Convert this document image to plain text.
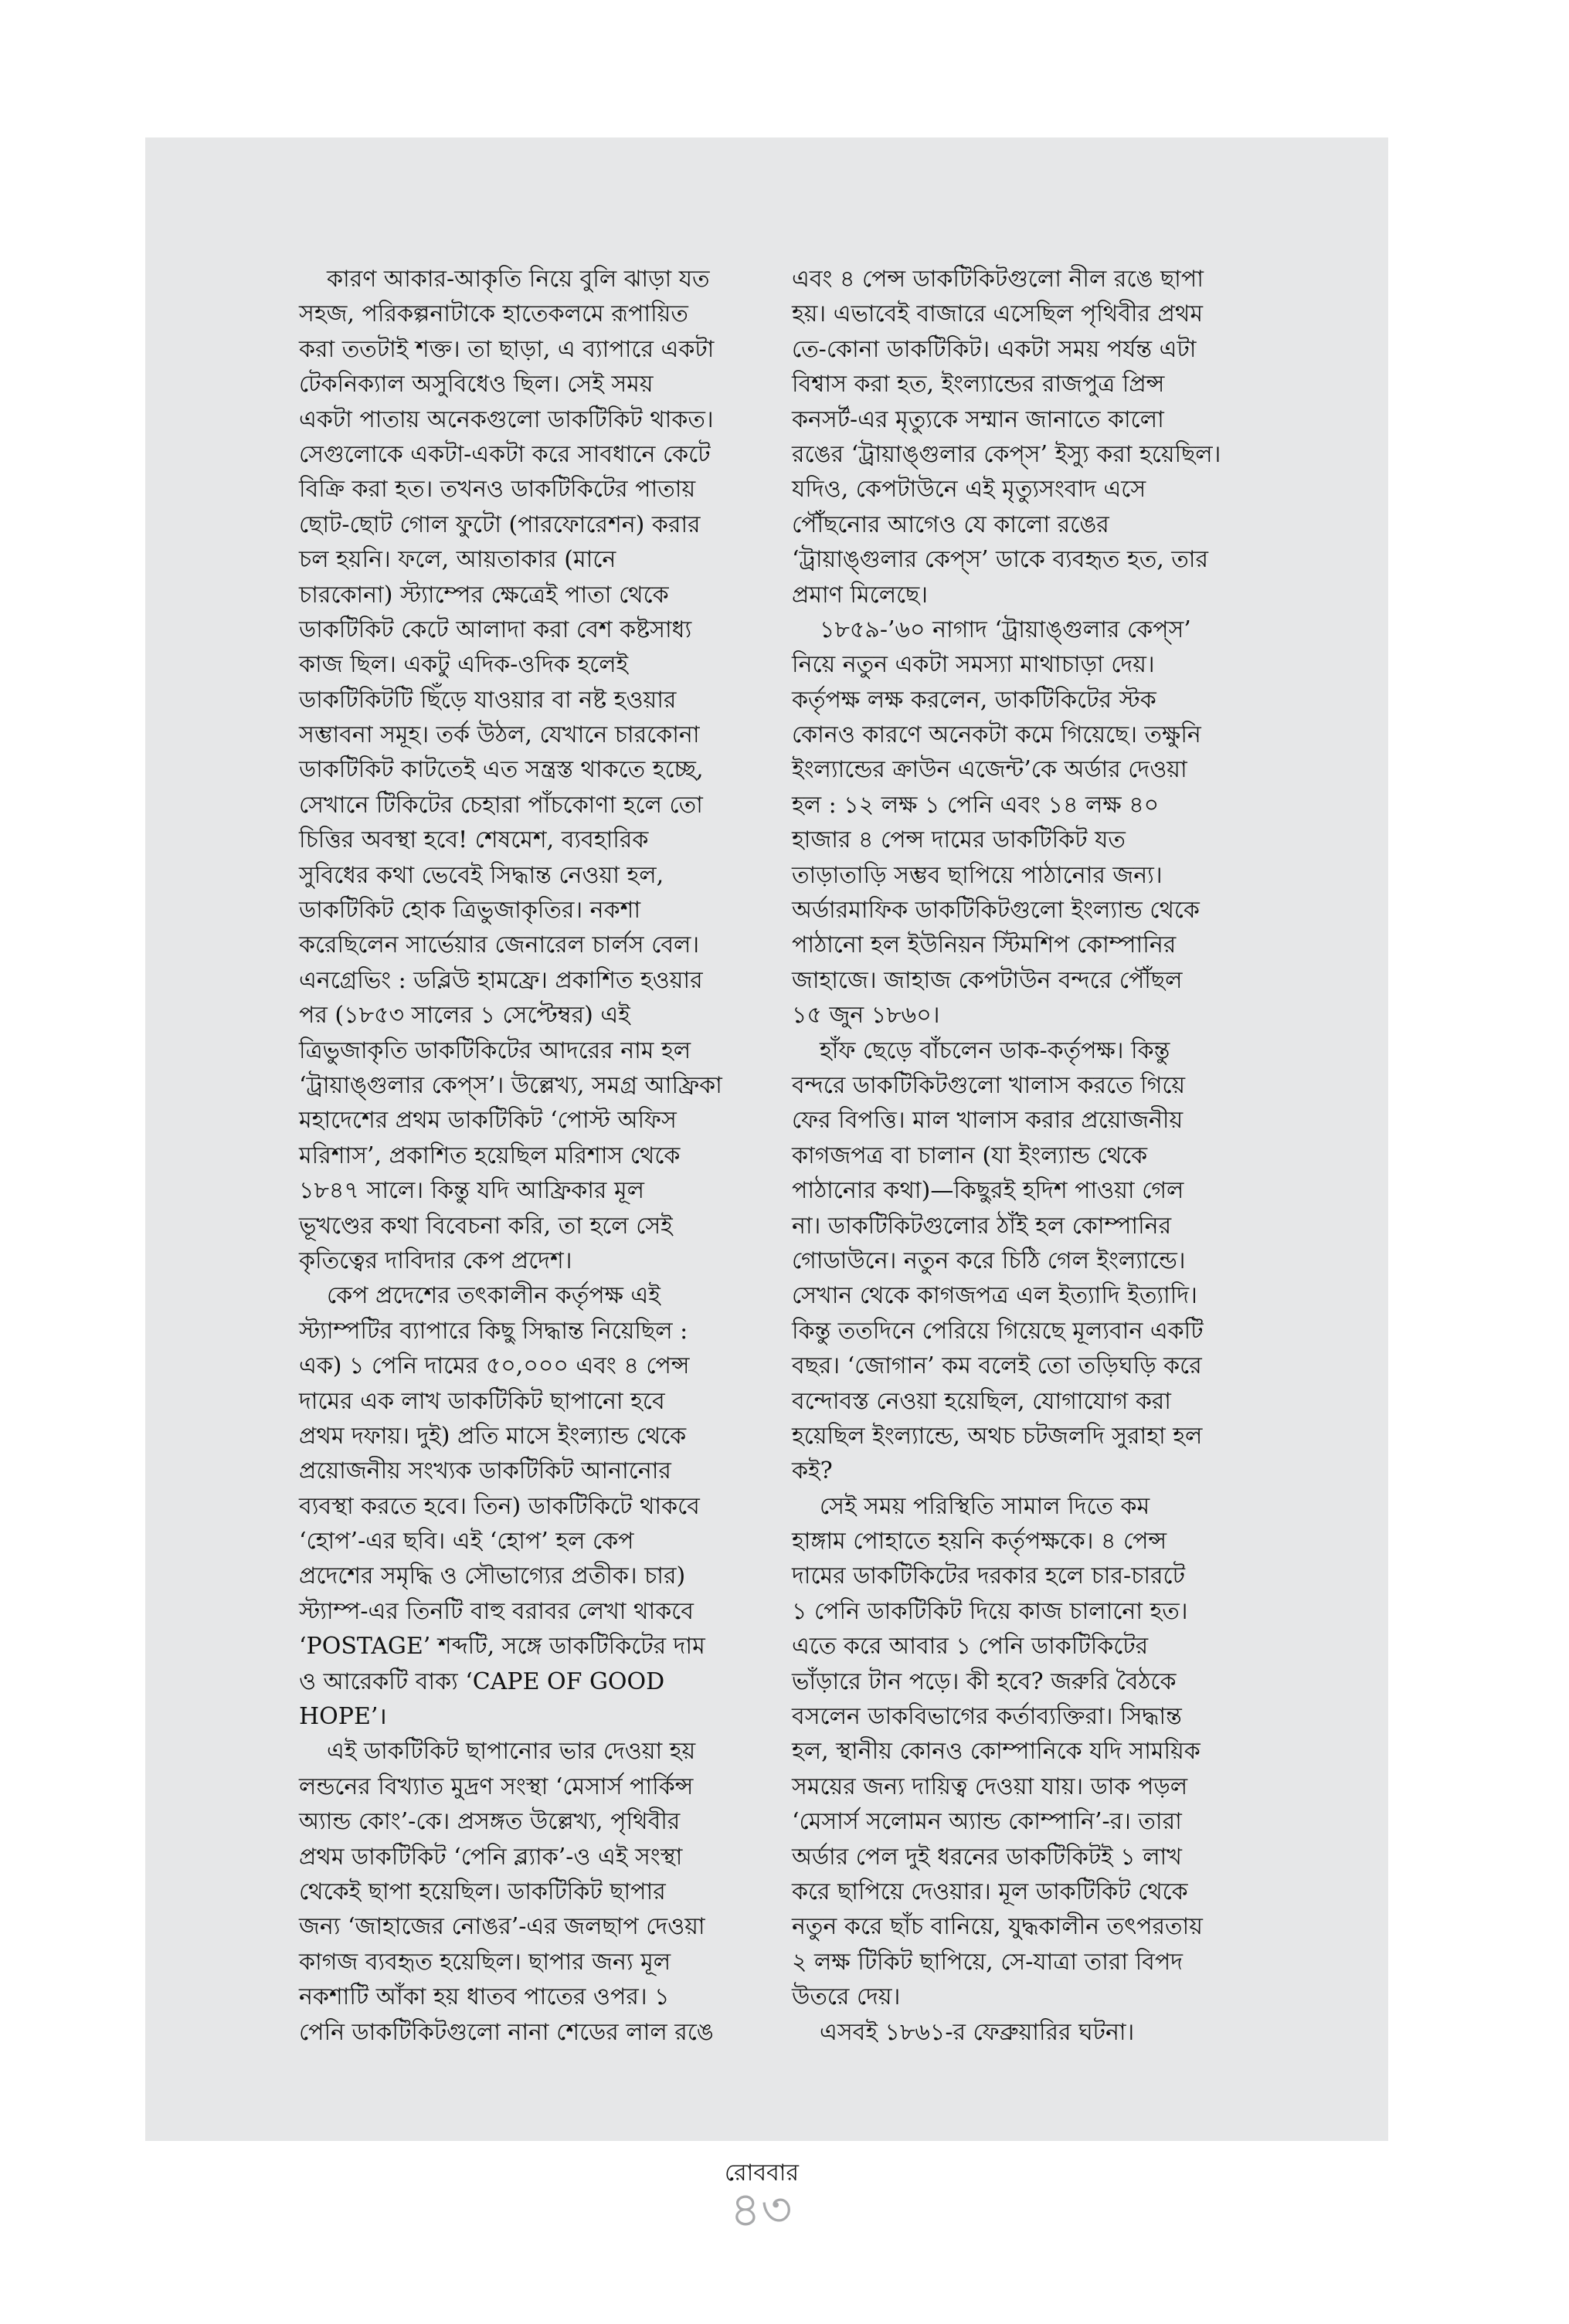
কারণ আকার-আকৃতি নিয়ে বুলি ঝাড়া যত
সহজ, পরিকল্পনাটাকে হাতেকলমে রূপায়িত
করা ততটাই শক্ত। তা ছাড়া, এ ব্যাপারে একটা
টেকনিক্যাল অসুবিধেও ছিল। সেই সময়
একটা পাতায় অনেকগুলো ডাকটিকিট থাকত।
সেগুলোকে একটা-একটা করে সাবধানে কেটে
বিক্রি করা হত। তখনও ডাকটিকিটের পাতায়
ছোট-ছোট গোল ফুটো (পারফোরেশন) করার
চল হয়নি। ফলে, আয়তাকার (মানে
চারকোনা) স্ট্যাম্পের ক্ষেত্রেই পাতা থেকে
ডাকটিকিট কেটে আলাদা করা বেশ কষ্টসাধ্য
কাজ ছিল। একটু এদিক-ওদিক হলেই
ডাকটিকিটটি ছিঁড়ে যাওয়ার বা নষ্ট হওয়ার
সম্ভাবনা সমূহ। তর্ক উঠল, যেখানে চারকোনা
ডাকটিকিট কাটতেই এত সন্ত্রস্ত থাকতে হচ্ছে,
সেখানে টিকিটের চেহারা পাঁচকোণা হলে তো
চিত্তির অবস্থা হবে! শেষমেশ, ব্যবহারিক
সুবিধের কথা ভেবেই সিদ্ধান্ত নেওয়া হল,
ডাকটিকিট হোক ত্রিভুজাকৃতির। নকশা
করেছিলেন সার্ভেয়ার জেনারেল চার্লস বেল।
এনগ্রেভিং : ডব্লিউ হামফ্রে। প্রকাশিত হওয়ার
পর (১৮৫৩ সালের ১ সেপ্টেম্বর) এই
ত্রিভুজাকৃতি ডাকটিকিটের আদরের নাম হল
‘ট্রায়াঙ্গুলার কেপ্‌স’। উল্লেখ্য, সমগ্র আফ্রিকা
মহাদেশের প্রথম ডাকটিকিট ‘পোস্ট অফিস
মরিশাস’, প্রকাশিত হয়েছিল মরিশাস থেকে
১৮৪৭ সালে। কিন্তু যদি আফ্রিকার মূল
ভূখণ্ডের কথা বিবেচনা করি, তা হলে সেই
কৃতিত্বের দাবিদার কেপ প্রদেশ।
কেপ প্রদেশের তৎকালীন কর্তৃপক্ষ এই
স্ট্যাম্পটির ব্যাপারে কিছু সিদ্ধান্ত নিয়েছিল :
এক) ১ পেনি দামের ৫০,০০০ এবং ৪ পেন্স
দামের এক লাখ ডাকটিকিট ছাপানো হবে
প্রথম দফায়। দুই) প্রতি মাসে ইংল্যান্ড থেকে
প্রয়োজনীয় সংখ্যক ডাকটিকিট আনানোর
ব্যবস্থা করতে হবে। তিন) ডাকটিকিটে থাকবে
‘হোপ’-এর ছবি। এই ‘হোপ’ হল কেপ
প্রদেশের সমৃদ্ধি ও সৌভাগ্যের প্রতীক। চার)
স্ট্যাম্প-এর তিনটি বাহু বরাবর লেখা থাকবে
‘POSTAGE’ শব্দটি, সঙ্গে ডাকটিকিটের দাম
ও আরেকটি বাক্য ‘CAPE OF GOOD
HOPE’।
এই ডাকটিকিট ছাপানোর ভার দেওয়া হয়
লন্ডনের বিখ্যাত মুদ্রণ সংস্থা ‘মেসার্স পার্কিন্স
অ্যান্ড কোং’-কে। প্রসঙ্গত উল্লেখ্য, পৃথিবীর
প্রথম ডাকটিকিট ‘পেনি ব্ল্যাক’-ও এই সংস্থা
থেকেই ছাপা হয়েছিল। ডাকটিকিট ছাপার
জন্য ‘জাহাজের নোঙর’-এর জলছাপ দেওয়া
কাগজ ব্যবহৃত হয়েছিল। ছাপার জন্য মূল
নকশাটি আঁকা হয় ধাতব পাতের ওপর। ১
পেনি ডাকটিকিটগুলো নানা শেডের লাল রঙে
এবং ৪ পেন্স ডাকটিকিটগুলো নীল রঙে ছাপা
হয়। এভাবেই বাজারে এসেছিল পৃথিবীর প্রথম
তে-কোনা ডাকটিকিট। একটা সময় পর্যন্ত এটা
বিশ্বাস করা হত, ইংল্যান্ডের রাজপুত্র প্রিন্স
কনসর্ট-এর মৃত্যুকে সম্মান জানাতে কালো
রঙের ‘ট্রায়াঙ্গুলার কেপ্‌স’ ইস্যু করা হয়েছিল।
যদিও, কেপটাউনে এই মৃত্যুসংবাদ এসে
পৌঁছনোর আগেও যে কালো রঙের
‘ট্রায়াঙ্গুলার কেপ্‌স’ ডাকে ব্যবহৃত হত, তার
প্রমাণ মিলেছে।
১৮৫৯-’৬০ নাগাদ ‘ট্রায়াঙ্গুলার কেপ্‌স’
নিয়ে নতুন একটা সমস্যা মাথাচাড়া দেয়।
কর্তৃপক্ষ লক্ষ করলেন, ডাকটিকিটের স্টক
কোনও কারণে অনেকটা কমে গিয়েছে। তক্ষুনি
ইংল্যান্ডের ক্রাউন এজেন্ট’কে অর্ডার দেওয়া
হল : ১২ লক্ষ ১ পেনি এবং ১৪ লক্ষ ৪০
হাজার ৪ পেন্স দামের ডাকটিকিট যত
তাড়াতাড়ি সম্ভব ছাপিয়ে পাঠানোর জন্য।
অর্ডারমাফিক ডাকটিকিটগুলো ইংল্যান্ড থেকে
পাঠানো হল ইউনিয়ন স্টিমশিপ কোম্পানির
জাহাজে। জাহাজ কেপটাউন বন্দরে পৌঁছল
১৫ জুন ১৮৬০।
হাঁফ ছেড়ে বাঁচলেন ডাক-কর্তৃপক্ষ। কিন্তু
বন্দরে ডাকটিকিটগুলো খালাস করতে গিয়ে
ফের বিপত্তি। মাল খালাস করার প্রয়োজনীয়
কাগজপত্র বা চালান (যা ইংল্যান্ড থেকে
পাঠানোর কথা)—কিছুরই হদিশ পাওয়া গেল
না। ডাকটিকিটগুলোর ঠাঁই হল কোম্পানির
গোডাউনে। নতুন করে চিঠি গেল ইংল্যান্ডে।
সেখান থেকে কাগজপত্র এল ইত্যাদি ইত্যাদি।
কিন্তু ততদিনে পেরিয়ে গিয়েছে মূল্যবান একটি
বছর। ‘জোগান’ কম বলেই তো তড়িঘড়ি করে
বন্দোবস্ত নেওয়া হয়েছিল, যোগাযোগ করা
হয়েছিল ইংল্যান্ডে, অথচ চটজলদি সুরাহা হল
কই?
সেই সময় পরিস্থিতি সামাল দিতে কম
হাঙ্গাম পোহাতে হয়নি কর্তৃপক্ষকে। ৪ পেন্স
দামের ডাকটিকিটের দরকার হলে চার-চারটে
১ পেনি ডাকটিকিট দিয়ে কাজ চালানো হত।
এতে করে আবার ১ পেনি ডাকটিকিটের
ভাঁড়ারে টান পড়ে। কী হবে? জরুরি বৈঠকে
বসলেন ডাকবিভাগের কর্তাব্যক্তিরা। সিদ্ধান্ত
হল, স্থানীয় কোনও কোম্পানিকে যদি সাময়িক
সময়ের জন্য দায়িত্ব দেওয়া যায়। ডাক পড়ল
‘মেসার্স সলোমন অ্যান্ড কোম্পানি’-র। তারা
অর্ডার পেল দুই ধরনের ডাকটিকিটই ১ লাখ
করে ছাপিয়ে দেওয়ার। মূল ডাকটিকিট থেকে
নতুন করে ছাঁচ বানিয়ে, যুদ্ধকালীন তৎপরতায়
২ লক্ষ টিকিট ছাপিয়ে, সে-যাত্রা তারা বিপদ
উতরে দেয়।
এসবই ১৮৬১-র ফেব্রুয়ারির ঘটনা।
রোববার
৪৩
